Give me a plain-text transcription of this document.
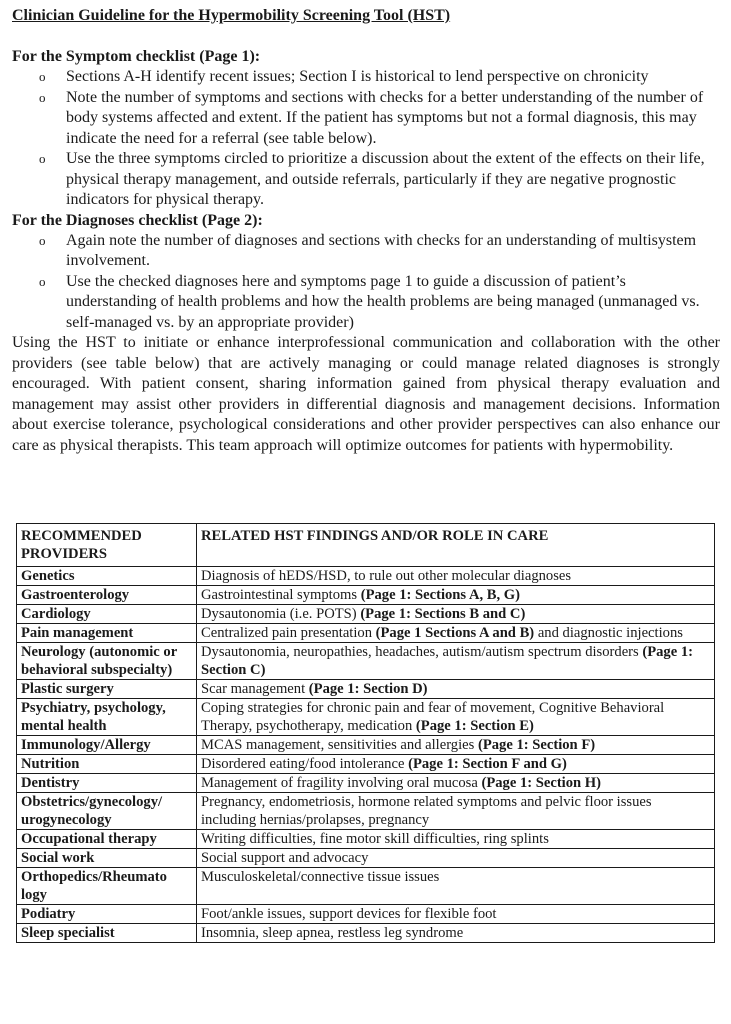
Clinician Guideline for the Hypermobility Screening Tool (HST)

For the Symptom checklist (Page 1):

o Sections A-H identify recent issues; Section I is historical to lend perspective on chronicity
o Note the number of symptoms and sections with checks for a better understanding of the number of body systems affected and extent. If the patient has symptoms but not a formal diagnosis, this may indicate the need for a referral (see table below).
o Use the three symptoms circled to prioritize a discussion about the extent of the effects on their life, physical therapy management, and outside referrals, particularly if they are negative prognostic indicators for physical therapy.

For the Diagnoses checklist (Page 2):

o Again note the number of diagnoses and sections with checks for an understanding of multisystem involvement.
o Use the checked diagnoses here and symptoms page 1 to guide a discussion of patient’s understanding of health problems and how the health problems are being managed (unmanaged vs. self-managed vs. by an appropriate provider)

Using the HST to initiate or enhance interprofessional communication and collaboration with the other providers (see table below) that are actively managing or could manage related diagnoses is strongly encouraged. With patient consent, sharing information gained from physical therapy evaluation and management may assist other providers in differential diagnosis and management decisions. Information about exercise tolerance, psychological considerations and other provider perspectives can also enhance our care as physical therapists. This team approach will optimize outcomes for patients with hypermobility.

RECOMMENDED PROVIDERS	RELATED HST FINDINGS AND/OR ROLE IN CARE
Genetics	Diagnosis of hEDS/HSD, to rule out other molecular diagnoses
Gastroenterology	Gastrointestinal symptoms (Page 1: Sections A, B, G)
Cardiology	Dysautonomia (i.e. POTS) (Page 1: Sections B and C)
Pain management	Centralized pain presentation (Page 1 Sections A and B) and diagnostic injections
Neurology (autonomic or behavioral subspecialty)	Dysautonomia, neuropathies, headaches, autism/autism spectrum disorders (Page 1: Section C)
Plastic surgery	Scar management (Page 1: Section D)
Psychiatry, psychology, mental health	Coping strategies for chronic pain and fear of movement, Cognitive Behavioral Therapy, psychotherapy, medication (Page 1: Section E)
Immunology/Allergy	MCAS management, sensitivities and allergies (Page 1: Section F)
Nutrition	Disordered eating/food intolerance (Page 1: Section F and G)
Dentistry	Management of fragility involving oral mucosa (Page 1: Section H)
Obstetrics/gynecology/ urogynecology	Pregnancy, endometriosis, hormone related symptoms and pelvic floor issues including hernias/prolapses, pregnancy
Occupational therapy	Writing difficulties, fine motor skill difficulties, ring splints
Social work	Social support and advocacy
Orthopedics/Rheumato logy	Musculoskeletal/connective tissue issues
Podiatry	Foot/ankle issues, support devices for flexible foot
Sleep specialist	Insomnia, sleep apnea, restless leg syndrome
